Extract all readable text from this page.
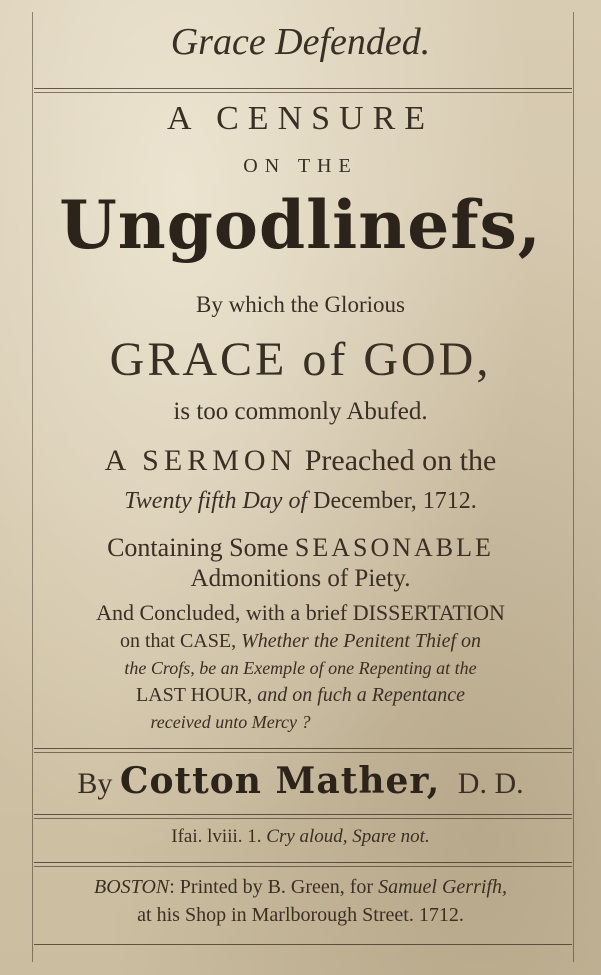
Grace Defended.
A CENSURE
ON THE
Ungodlinefs,
By which the Glorious
GRACE of GOD,
is too commonly Abufed.
A SERMON Preached on the
Twenty fifth Day of December, 1712.
Containing Some SEASONABLE
Admonitions of Piety.
And Concluded, with a brief DISSERTATION
on that CASE, Whether the Penitent Thief on
the Crofs, be an Exemple of one Repenting at the
LAST HOUR, and on fuch a Repentance
received unto Mercy ?
By Cotton Mather, D. D.
Ifai. lviii. 1. Cry aloud, Spare not.
BOSTON: Printed by B. Green, for Samuel Gerrifh,
at his Shop in Marlborough Street. 1712.
